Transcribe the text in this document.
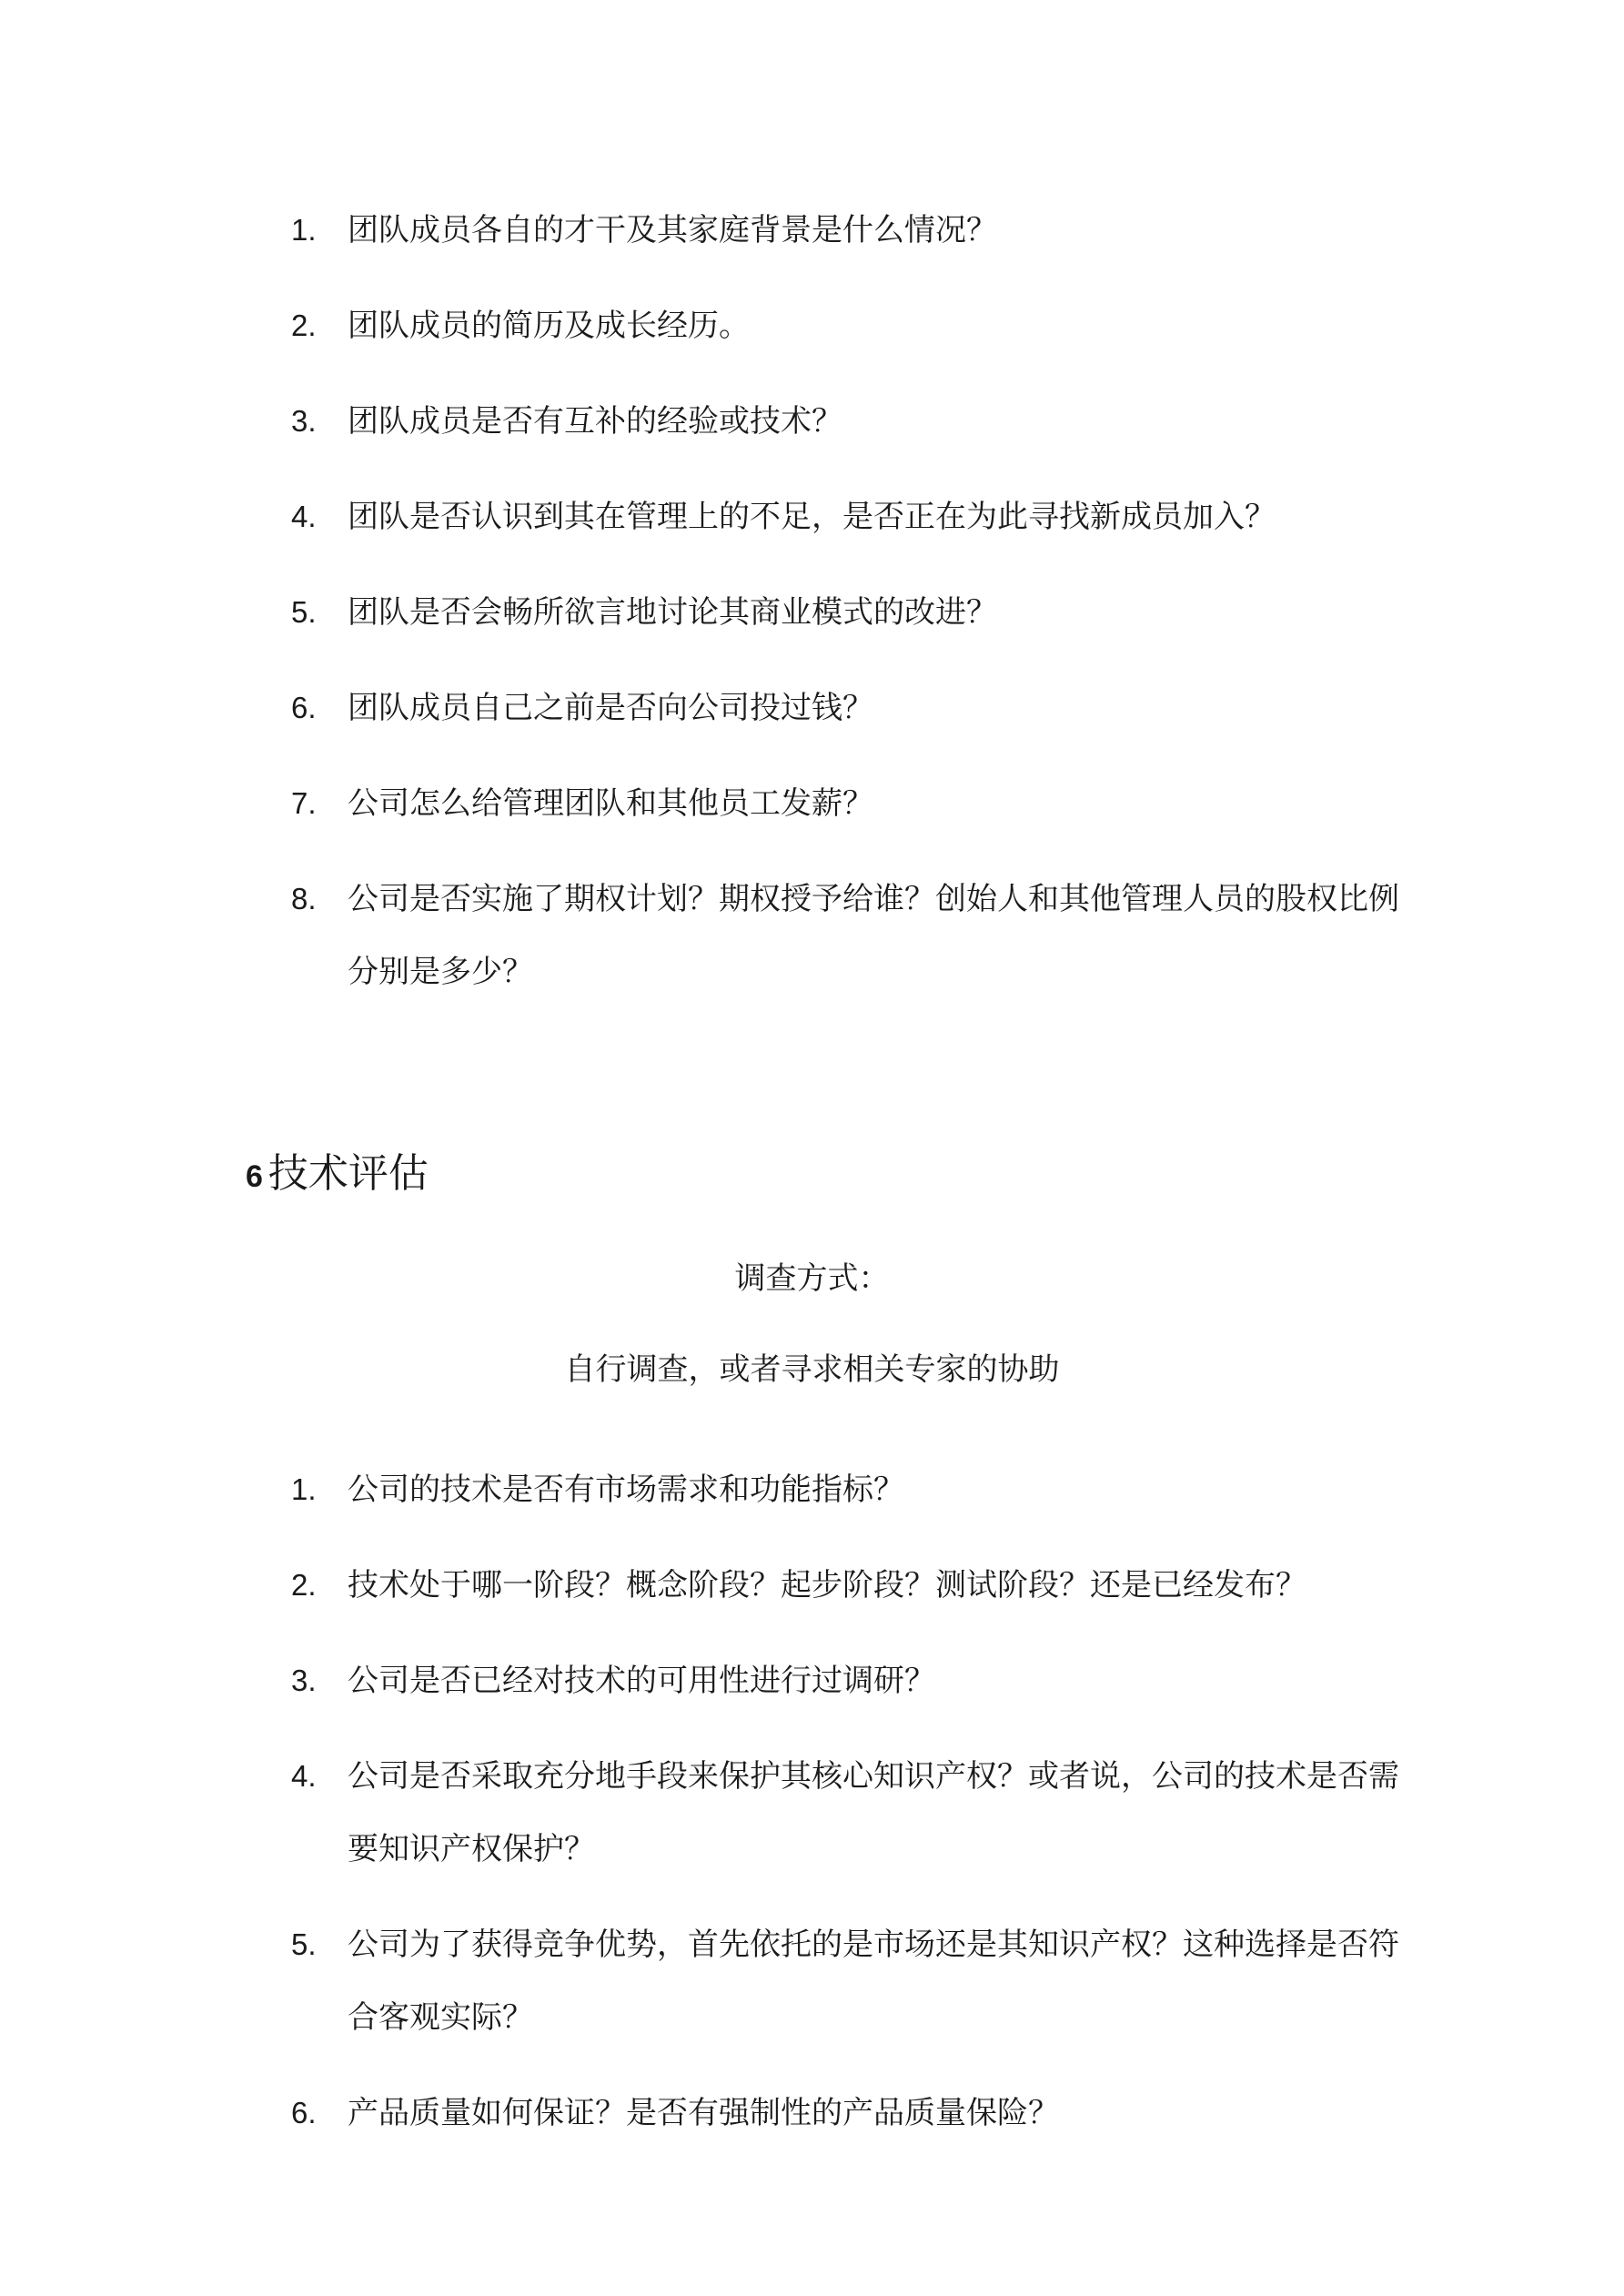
1. 团队成员各自的才干及其家庭背景是什么情况？
2. 团队成员的简历及成长经历。
3. 团队成员是否有互补的经验或技术？
4. 团队是否认识到其在管理上的不足，是否正在为此寻找新成员加入？
5. 团队是否会畅所欲言地讨论其商业模式的改进？
6. 团队成员自己之前是否向公司投过钱？
7. 公司怎么给管理团队和其他员工发薪？
8. 公司是否实施了期权计划？期权授予给谁？创始人和其他管理人员的股权比例分别是多少？
6 技术评估

调查方式：

自行调查，或者寻求相关专家的协助

1. 公司的技术是否有市场需求和功能指标？
2. 技术处于哪一阶段？概念阶段？起步阶段？测试阶段？还是已经发布？
3. 公司是否已经对技术的可用性进行过调研？
4. 公司是否采取充分地手段来保护其核心知识产权？或者说，公司的技术是否需要知识产权保护？
5. 公司为了获得竞争优势，首先依托的是市场还是其知识产权？这种选择是否符合客观实际？
6. 产品质量如何保证？是否有强制性的产品质量保险？
